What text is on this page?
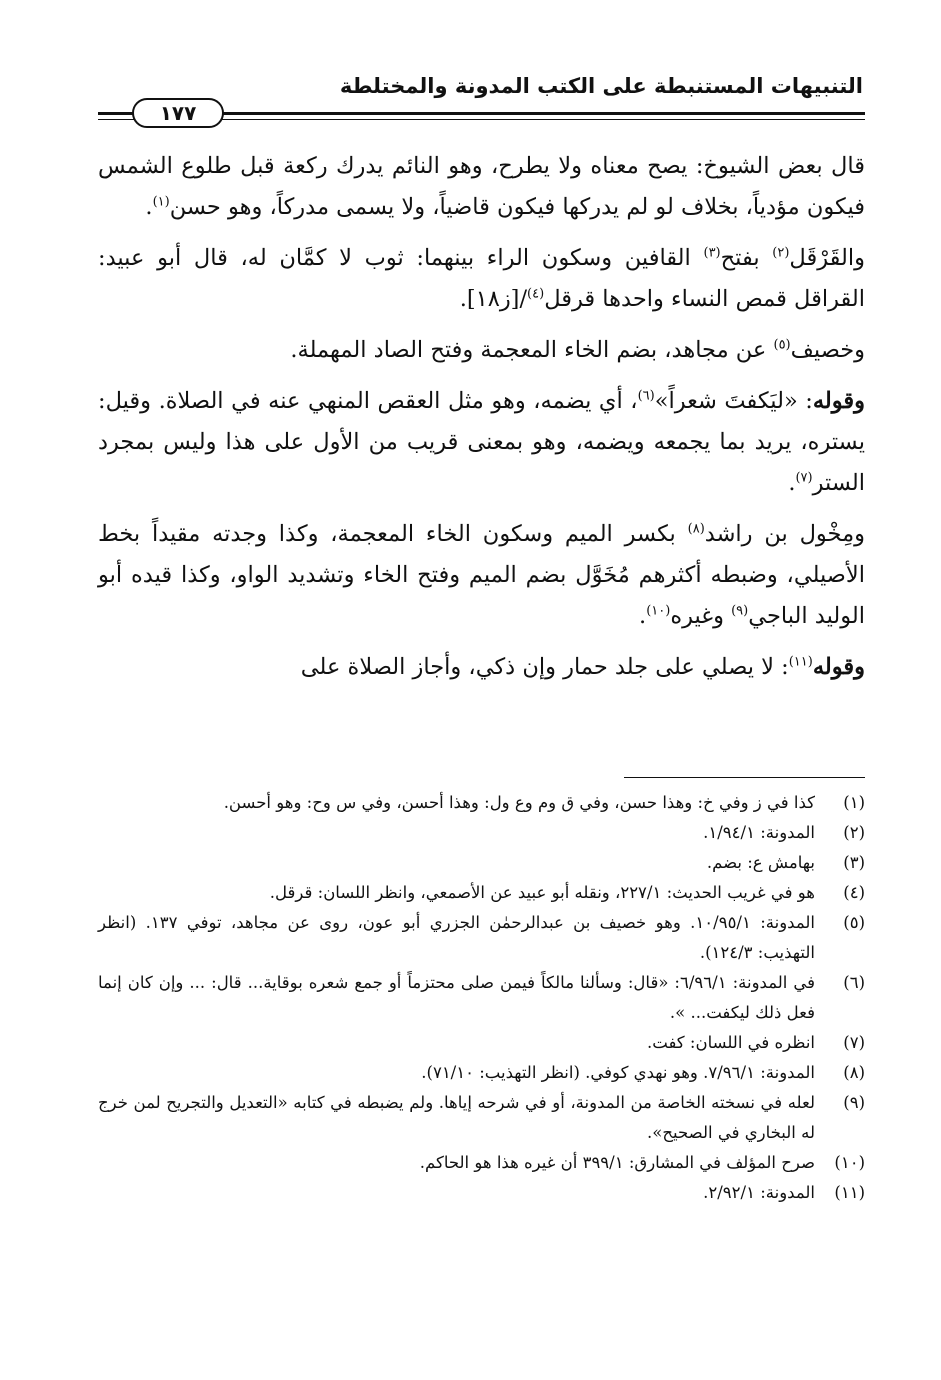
التنبيهات المستنبطة على الكتب المدونة والمختلطة
١٧٧

قال بعض الشيوخ: يصح معناه ولا يطرح، وهو النائم يدرك ركعة قبل طلوع الشمس فيكون مؤدياً، بخلاف لو لم يدركها فيكون قاضياً، ولا يسمى مدركاً، وهو حسن$^{(١)}$.

والقَرْقَل$^{(٢)}$ بفتح$^{(٣)}$ القافين وسكون الراء بينهما: ثوب لا كمَّان له، قال أبو عبيد: القراقل قمص النساء واحدها قرقل$^{(٤)}$/[ز١٨].

وخصيف$^{(٥)}$ عن مجاهد، بضم الخاء المعجمة وفتح الصاد المهملة.

وقوله: «ليَكفتَ شعراً»$^{(٦)}$، أي يضمه، وهو مثل العقص المنهي عنه في الصلاة. وقيل: يستره، يريد بما يجمعه ويضمه، وهو بمعنى قريب من الأول على هذا وليس بمجرد الستر$^{(٧)}$.

ومِخْول بن راشد$^{(٨)}$ بكسر الميم وسكون الخاء المعجمة، وكذا وجدته مقيداً بخط الأصيلي، وضبطه أكثرهم مُخَوَّل بضم الميم وفتح الخاء وتشديد الواو، وكذا قيده أبو الوليد الباجي$^{(٩)}$ وغيره$^{(١٠)}$.

وقوله$^{(١١)}$: لا يصلي على جلد حمار وإن ذكي، وأجاز الصلاة على

(١)
كذا في ز وفي خ: وهذا حسن، وفي ق وم وع ول: وهذا أحسن، وفي س وح: وهو أحسن.

(٢)
المدونة: ١/٩٤/١.

(٣)
بهامش ع: بضم.

(٤)
هو في غريب الحديث: ٢٢٧/١، ونقله أبو عبيد عن الأصمعي، وانظر اللسان: قرقل.

(٥)
المدونة: ١٠/٩٥/١. وهو خصيف بن عبدالرحمٰن الجزري أبو عون، روى عن مجاهد، توفي ١٣٧. (انظر التهذيب: ١٢٤/٣).

(٦)
في المدونة: ٦/٩٦/١: «قال: وسألنا مالكاً فيمن صلى محتزماً أو جمع شعره بوقاية... قال: ... وإن كان إنما فعل ذلك ليكفت... ».

(٧)
انظره في اللسان: كفت.

(٨)
المدونة: ٧/٩٦/١. وهو نهدي كوفي. (انظر التهذيب: ٧١/١٠).

(٩)
لعله في نسخته الخاصة من المدونة، أو في شرحه إياها. ولم يضبطه في كتابه «التعديل والتجريح لمن خرج له البخاري في الصحيح».

(١٠)
صرح المؤلف في المشارق: ٣٩٩/١ أن غيره هذا هو الحاكم.

(١١)
المدونة: ٢/٩٢/١.
